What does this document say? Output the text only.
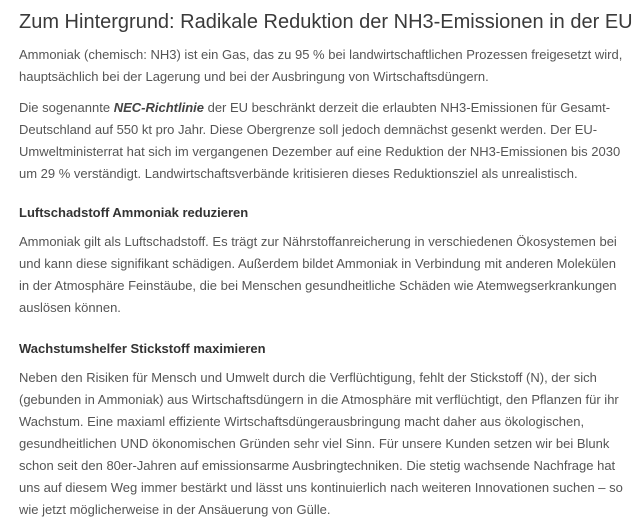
Zum Hintergrund: Radikale Reduktion der NH3-Emissionen in der EU

Ammoniak (chemisch: NH3) ist ein Gas, das zu 95 % bei landwirtschaftlichen Prozessen freigesetzt wird, hauptsächlich bei der Lagerung und bei der Ausbringung von Wirtschaftsdüngern.

Die sogenannte NEC-Richtlinie der EU beschränkt derzeit die erlaubten NH3-Emissionen für Gesamt-Deutschland auf 550 kt pro Jahr. Diese Obergrenze soll jedoch demnächst gesenkt werden. Der EU-Umweltministerrat hat sich im vergangenen Dezember auf eine Reduktion der NH3-Emissionen bis 2030 um 29 % verständigt. Landwirtschaftsverbände kritisieren dieses Reduktionsziel als unrealistisch.

Luftschadstoff Ammoniak reduzieren

Ammoniak gilt als Luftschadstoff. Es trägt zur Nährstoffanreicherung in verschiedenen Ökosystemen bei und kann diese signifikant schädigen. Außerdem bildet Ammoniak in Verbindung mit anderen Molekülen in der Atmosphäre Feinstäube, die bei Menschen gesundheitliche Schäden wie Atemwegserkrankungen auslösen können.

Wachstumshelfer Stickstoff maximieren

Neben den Risiken für Mensch und Umwelt durch die Verflüchtigung, fehlt der Stickstoff (N), der sich (gebunden in Ammoniak) aus Wirtschaftsdüngern in die Atmosphäre mit verflüchtigt, den Pflanzen für ihr Wachstum. Eine maxiaml effiziente Wirtschaftsdüngerausbringung macht daher aus ökologischen, gesundheitlichen UND ökonomischen Gründen sehr viel Sinn. Für unsere Kunden setzen wir bei Blunk schon seit den 80er-Jahren auf emissionsarme Ausbringtechniken. Die stetig wachsende Nachfrage hat uns auf diesem Weg immer bestärkt und lässt uns kontinuierlich nach weiteren Innovationen suchen – so wie jetzt möglicherweise in der Ansäuerung von Gülle.
